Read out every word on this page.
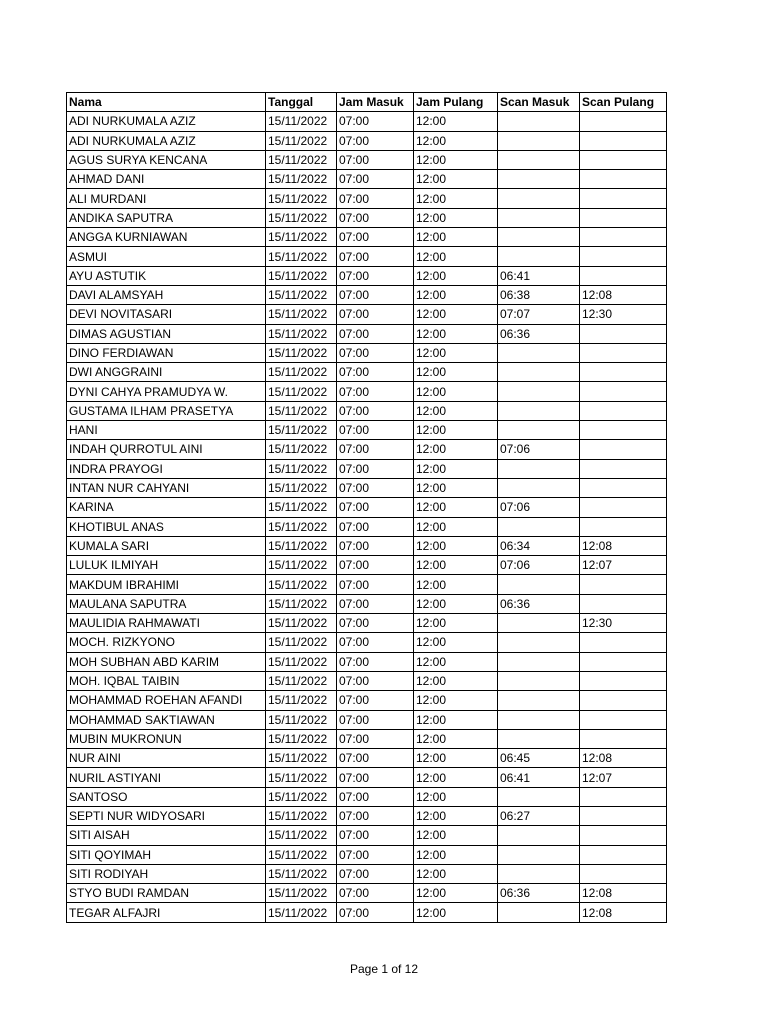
Nama	Tanggal	Jam Masuk	Jam Pulang	Scan Masuk	Scan Pulang
ADI NURKUMALA AZIZ	15/11/2022	07:00	12:00		
ADI NURKUMALA AZIZ	15/11/2022	07:00	12:00		
AGUS SURYA KENCANA	15/11/2022	07:00	12:00		
AHMAD DANI	15/11/2022	07:00	12:00		
ALI MURDANI	15/11/2022	07:00	12:00		
ANDIKA SAPUTRA	15/11/2022	07:00	12:00		
ANGGA KURNIAWAN	15/11/2022	07:00	12:00		
ASMUI	15/11/2022	07:00	12:00		
AYU ASTUTIK	15/11/2022	07:00	12:00	06:41	
DAVI ALAMSYAH	15/11/2022	07:00	12:00	06:38	12:08
DEVI NOVITASARI	15/11/2022	07:00	12:00	07:07	12:30
DIMAS AGUSTIAN	15/11/2022	07:00	12:00	06:36	
DINO FERDIAWAN	15/11/2022	07:00	12:00		
DWI ANGGRAINI	15/11/2022	07:00	12:00		
DYNI CAHYA PRAMUDYA W.	15/11/2022	07:00	12:00		
GUSTAMA ILHAM PRASETYA	15/11/2022	07:00	12:00		
HANI	15/11/2022	07:00	12:00		
INDAH QURROTUL AINI	15/11/2022	07:00	12:00	07:06	
INDRA PRAYOGI	15/11/2022	07:00	12:00		
INTAN NUR CAHYANI	15/11/2022	07:00	12:00		
KARINA	15/11/2022	07:00	12:00	07:06	
KHOTIBUL ANAS	15/11/2022	07:00	12:00		
KUMALA SARI	15/11/2022	07:00	12:00	06:34	12:08
LULUK ILMIYAH	15/11/2022	07:00	12:00	07:06	12:07
MAKDUM IBRAHIMI	15/11/2022	07:00	12:00		
MAULANA SAPUTRA	15/11/2022	07:00	12:00	06:36	
MAULIDIA RAHMAWATI	15/11/2022	07:00	12:00		12:30
MOCH. RIZKYONO	15/11/2022	07:00	12:00		
MOH SUBHAN ABD KARIM	15/11/2022	07:00	12:00		
MOH. IQBAL TAIBIN	15/11/2022	07:00	12:00		
MOHAMMAD ROEHAN AFANDI	15/11/2022	07:00	12:00		
MOHAMMAD SAKTIAWAN	15/11/2022	07:00	12:00		
MUBIN MUKRONUN	15/11/2022	07:00	12:00		
NUR AINI	15/11/2022	07:00	12:00	06:45	12:08
NURIL ASTIYANI	15/11/2022	07:00	12:00	06:41	12:07
SANTOSO	15/11/2022	07:00	12:00		
SEPTI NUR WIDYOSARI	15/11/2022	07:00	12:00	06:27	
SITI AISAH	15/11/2022	07:00	12:00		
SITI QOYIMAH	15/11/2022	07:00	12:00		
SITI RODIYAH	15/11/2022	07:00	12:00		
STYO BUDI RAMDAN	15/11/2022	07:00	12:00	06:36	12:08
TEGAR ALFAJRI	15/11/2022	07:00	12:00		12:08
Page 1 of 12
